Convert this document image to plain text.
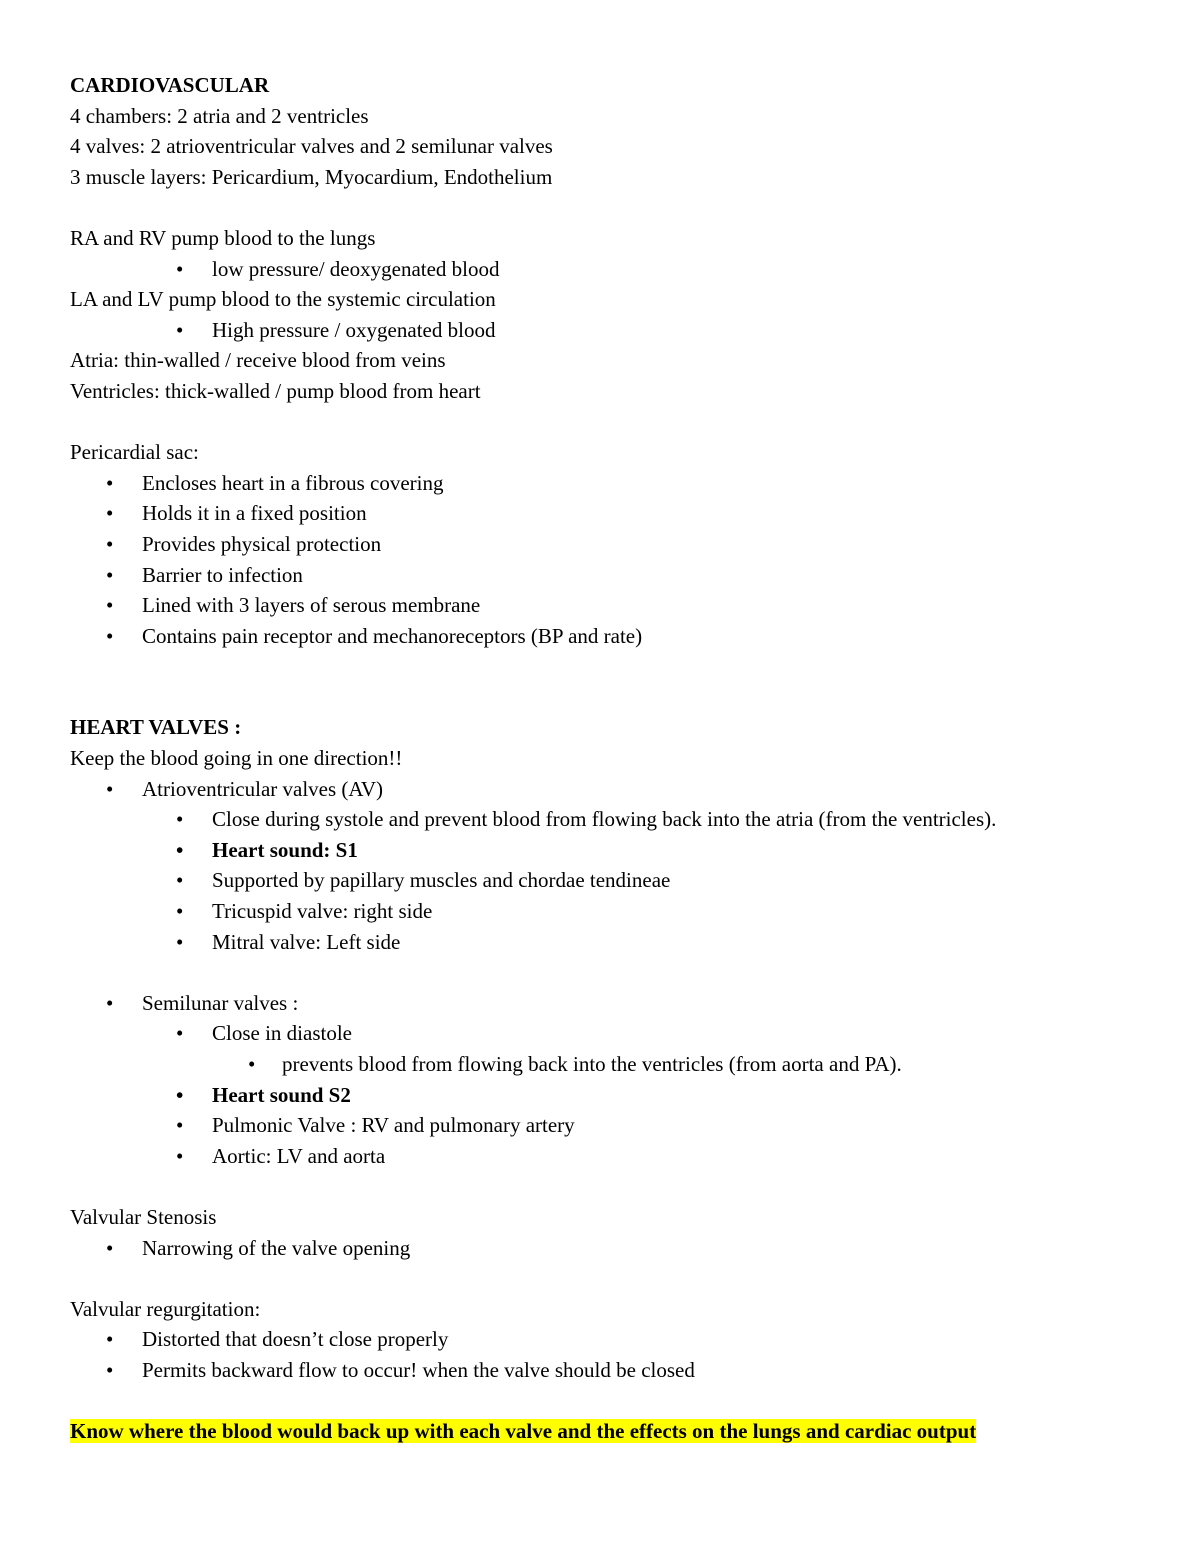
CARDIOVASCULAR
4 chambers: 2 atria and 2 ventricles
4 valves: 2 atrioventricular valves and 2 semilunar valves
3 muscle layers: Pericardium, Myocardium, Endothelium
RA and RV pump blood to the lungs
• low pressure/ deoxygenated blood
LA and LV pump blood to the systemic circulation
• High pressure / oxygenated blood
Atria: thin-walled / receive blood from veins
Ventricles: thick-walled / pump blood from heart
Pericardial sac:
• Encloses heart in a fibrous covering
• Holds it in a fixed position
• Provides physical protection
• Barrier to infection
• Lined with 3 layers of serous membrane
• Contains pain receptor and mechanoreceptors (BP and rate)
HEART VALVES :
Keep the blood going in one direction!!
• Atrioventricular valves (AV)
• Close during systole and prevent blood from flowing back into the atria (from the ventricles).
• Heart sound: S1
• Supported by papillary muscles and chordae tendineae
• Tricuspid valve: right side
• Mitral valve: Left side
• Semilunar valves :
• Close in diastole
• prevents blood from flowing back into the ventricles (from aorta and PA).
• Heart sound S2
• Pulmonic Valve : RV and pulmonary artery
• Aortic: LV and aorta
Valvular Stenosis
• Narrowing of the valve opening
Valvular regurgitation:
• Distorted that doesn’t close properly
• Permits backward flow to occur! when the valve should be closed
Know where the blood would back up with each valve and the effects on the lungs and cardiac output
